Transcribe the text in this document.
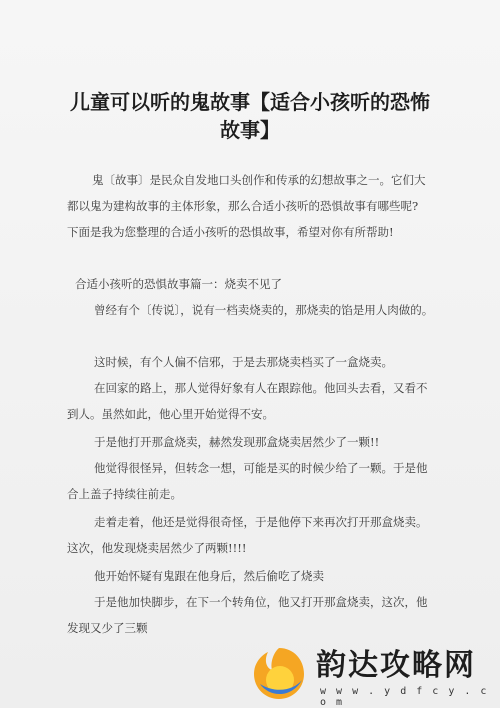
儿童可以听的鬼故事【适合小孩听的恐怖
故事】
鬼〔故事〕是民众自发地口头创作和传承的幻想故事之一。它们大
都以鬼为建构故事的主体形象，那么合适小孩听的恐惧故事有哪些呢?
下面是我为您整理的合适小孩听的恐惧故事，希望对你有所帮助!
合适小孩听的恐惧故事篇一：烧卖不见了
曾经有个〔传说〕，说有一档卖烧卖的，那烧卖的馅是用人肉做的。
这时候，有个人偏不信邪，于是去那烧卖档买了一盒烧卖。
在回家的路上，那人觉得好象有人在跟踪他。他回头去看，又看不
到人。虽然如此，他心里开始觉得不安。
于是他打开那盒烧卖，赫然发现那盒烧卖居然少了一颗!!
他觉得很怪异，但转念一想，可能是买的时候少给了一颗。于是他
合上盖子持续往前走。
走着走着，他还是觉得很奇怪，于是他停下来再次打开那盒烧卖。
这次，他发现烧卖居然少了两颗!!!!
他开始怀疑有鬼跟在他身后，然后偷吃了烧卖
于是他加快脚步，在下一个转角位，他又打开那盒烧卖，这次，他
发现又少了三颗
韵达攻略网
w w w . y d f c y . c o m
